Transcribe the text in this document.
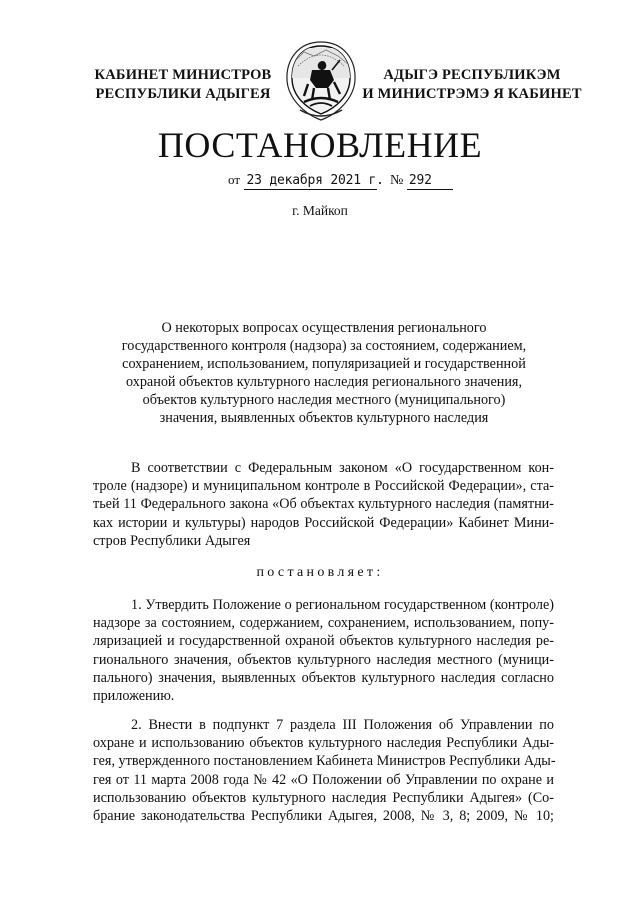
КАБИНЕТ МИНИСТРОВ
РЕСПУБЛИКИ АДЫГЕЯ
АДЫГЭ РЕСПУБЛИКЭМ
И МИНИСТРЭМЭ Я КАБИНЕТ
ПОСТАНОВЛЕНИЕ
от 23 декабря 2021 г. № 292
г. Майкоп
О некоторых вопросах осуществления регионального
государственного контроля (надзора) за состоянием, содержанием,
сохранением, использованием, популяризацией и государственной
охраной объектов культурного наследия регионального значения,
объектов культурного наследия местного (муниципального)
значения, выявленных объектов культурного наследия
В соответствии с Федеральным законом «О государственном кон-
троле (надзоре) и муниципальном контроле в Российской Федерации», ста-
тьей 11 Федерального закона «Об объектах культурного наследия (памятни-
ках истории и культуры) народов Российской Федерации» Кабинет Мини-
стров Республики Адыгея
постановляет:
1. Утвердить Положение о региональном государственном (контроле)
надзоре за состоянием, содержанием, сохранением, использованием, попу-
ляризацией и государственной охраной объектов культурного наследия ре-
гионального значения, объектов культурного наследия местного (муници-
пального) значения, выявленных объектов культурного наследия согласно
приложению.
2. Внести в подпункт 7 раздела III Положения об Управлении по
охране и использованию объектов культурного наследия Республики Ады-
гея, утвержденного постановлением Кабинета Министров Республики Ады-
гея от 11 марта 2008 года № 42 «О Положении об Управлении по охране и
использованию объектов культурного наследия Республики Адыгея» (Со-
брание законодательства Республики Адыгея, 2008, № 3, 8; 2009, № 10;
